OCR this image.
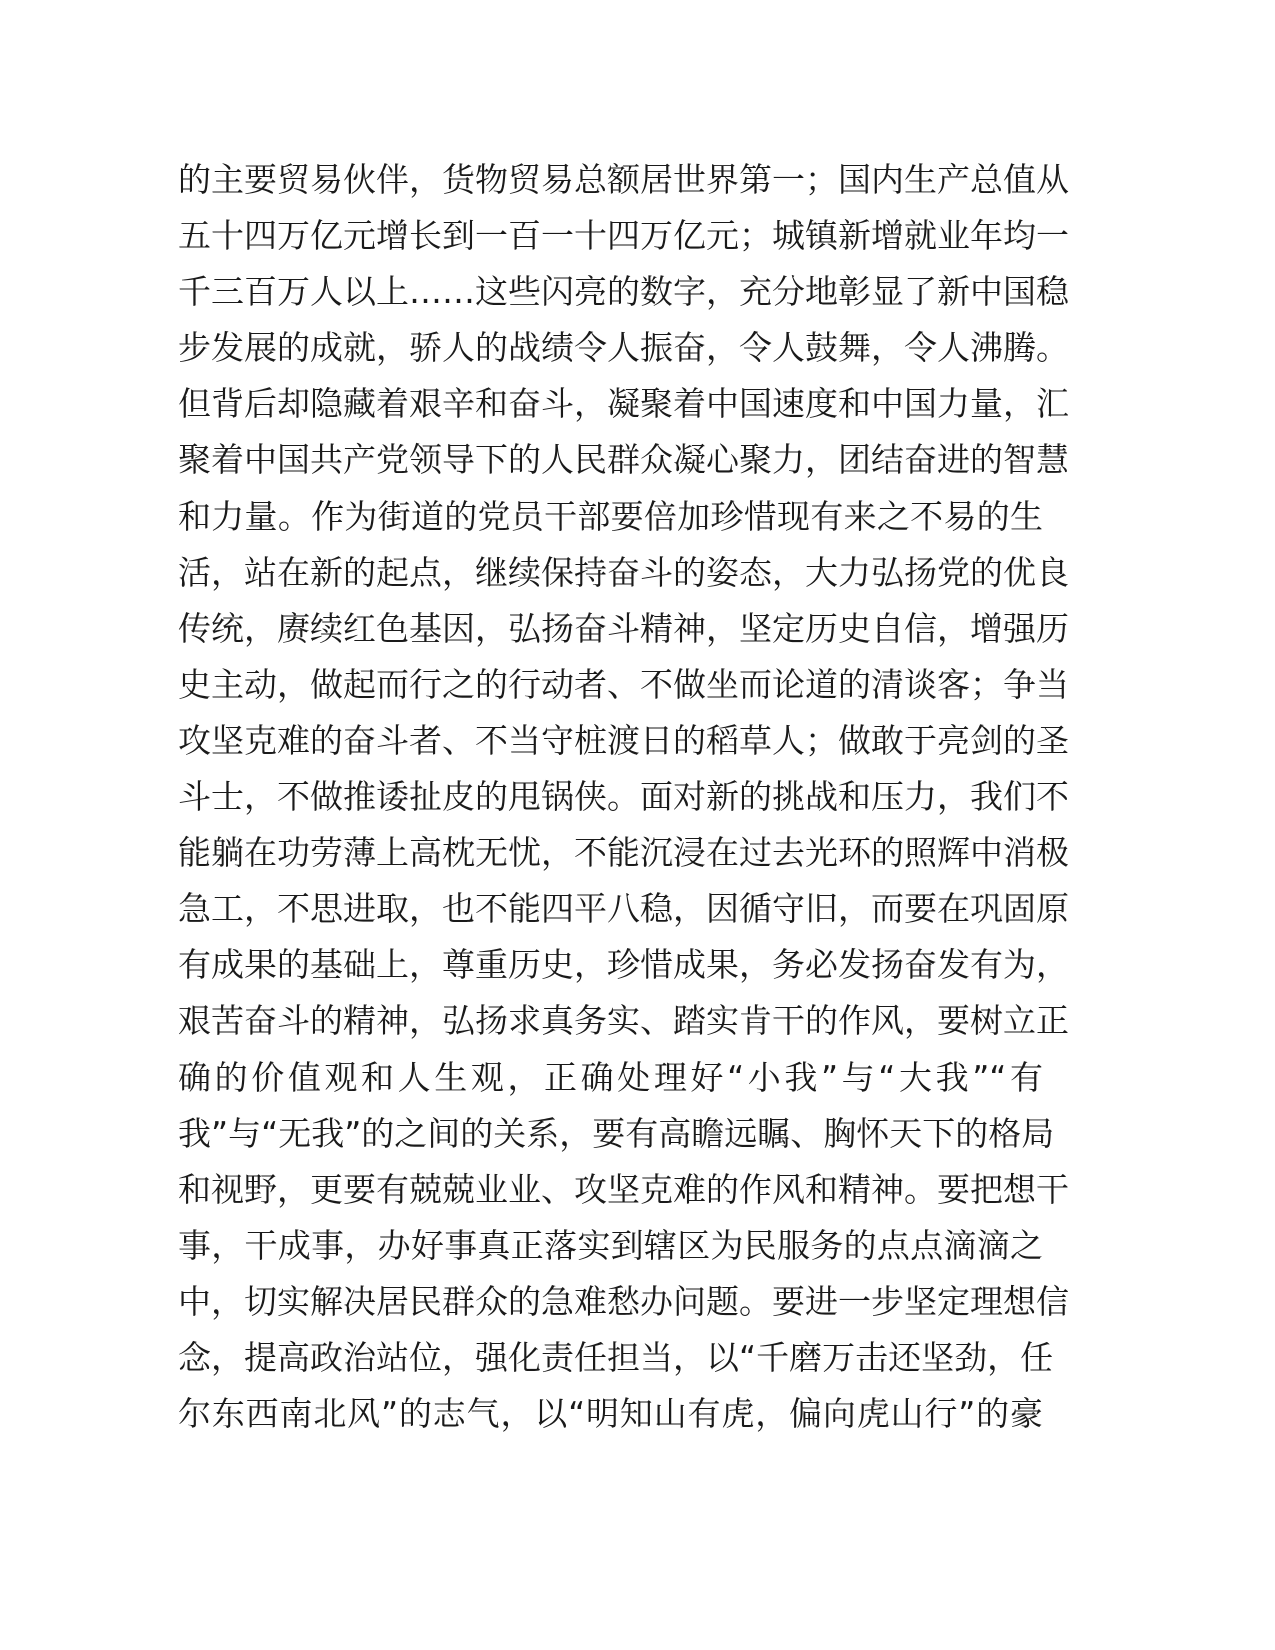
的主要贸易伙伴，货物贸易总额居世界第一；国内生产总值从
五十四万亿元增长到一百一十四万亿元；城镇新增就业年均一
千三百万人以上……这些闪亮的数字，充分地彰显了新中国稳
步发展的成就，骄人的战绩令人振奋，令人鼓舞，令人沸腾。
但背后却隐藏着艰辛和奋斗，凝聚着中国速度和中国力量，汇
聚着中国共产党领导下的人民群众凝心聚力，团结奋进的智慧
和力量。作为街道的党员干部要倍加珍惜现有来之不易的生
活，站在新的起点，继续保持奋斗的姿态，大力弘扬党的优良
传统，赓续红色基因，弘扬奋斗精神，坚定历史自信，增强历
史主动，做起而行之的行动者、不做坐而论道的清谈客；争当
攻坚克难的奋斗者、不当守桩渡日的稻草人；做敢于亮剑的圣
斗士，不做推诿扯皮的甩锅侠。面对新的挑战和压力，我们不
能躺在功劳薄上高枕无忧，不能沉浸在过去光环的照辉中消极
急工，不思进取，也不能四平八稳，因循守旧，而要在巩固原
有成果的基础上，尊重历史，珍惜成果，务必发扬奋发有为，
艰苦奋斗的精神，弘扬求真务实、踏实肯干的作风，要树立正
确的价值观和人生观，正确处理好“小我”与“大我”“有
我”与“无我”的之间的关系，要有高瞻远瞩、胸怀天下的格局
和视野，更要有兢兢业业、攻坚克难的作风和精神。要把想干
事，干成事，办好事真正落实到辖区为民服务的点点滴滴之
中，切实解决居民群众的急难愁办问题。要进一步坚定理想信
念，提高政治站位，强化责任担当，以“千磨万击还坚劲，任
尔东西南北风”的志气，以“明知山有虎，偏向虎山行”的豪
